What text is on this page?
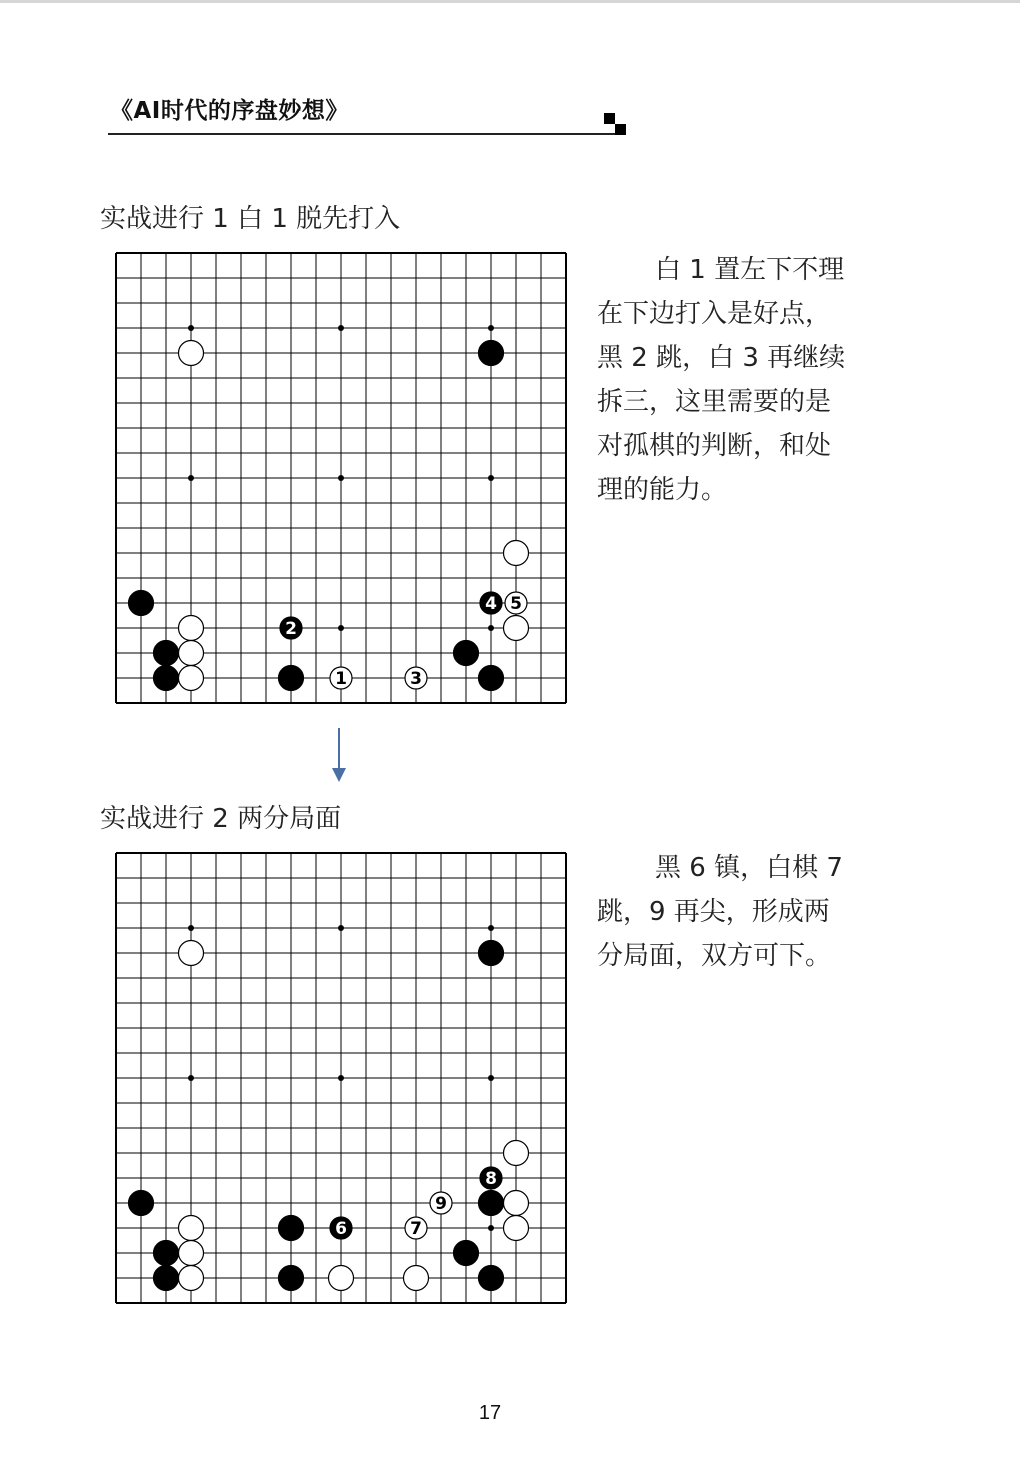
《AI时代的序盘妙想》
实战进行 1 白 1 脱先打入
4 5
2
1	3
白 1 置左下不理在下边打入是好点，黑 2 跳，白 3 再继续拆三，这里需要的是对孤棋的判断，和处理的能力。
实战进行 2 两分局面
8
9
6	7
黑 6 镇，白棋 7 跳，9 再尖，形成两分局面，双方可下。
17
